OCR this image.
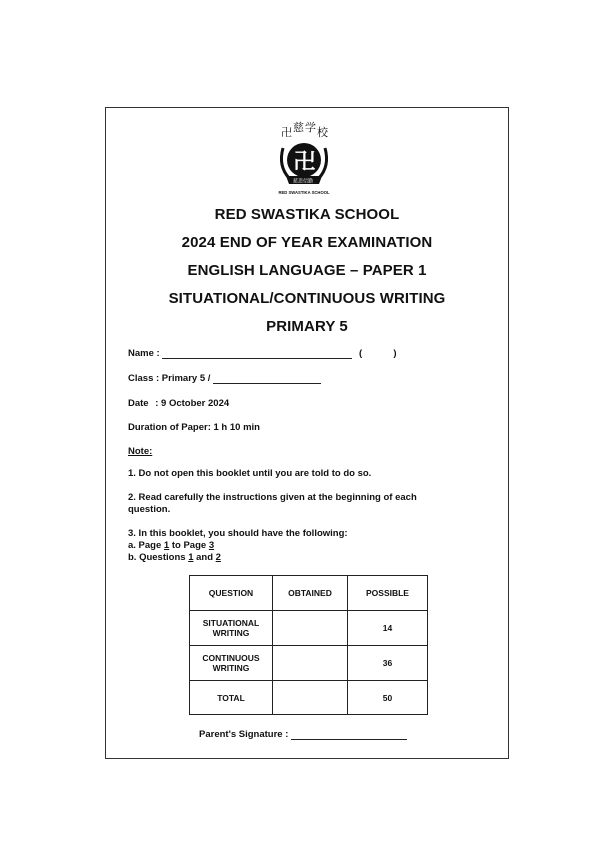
卍 慈 学 校
卍
慈悲信勤
RED SWASTIKA SCHOOL
RED SWASTIKA SCHOOL
2024 END OF YEAR EXAMINATION
ENGLISH LANGUAGE – PAPER 1
SITUATIONAL/CONTINUOUS WRITING
PRIMARY 5
Name :	(	)
Class : Primary 5 /
Date : 9 October 2024
Duration of Paper: 1 h 10 min
Note:
1. Do not open this booklet until you are told to do so.
2. Read carefully the instructions given at the beginning of each
question.
3. In this booklet, you should have the following:
a. Page 1 to Page 3
b. Questions 1 and 2
QUESTION	OBTAINED	POSSIBLE
SITUATIONAL
WRITING		14
CONTINUOUS
WRITING		36
TOTAL		50
Parent's Signature :
